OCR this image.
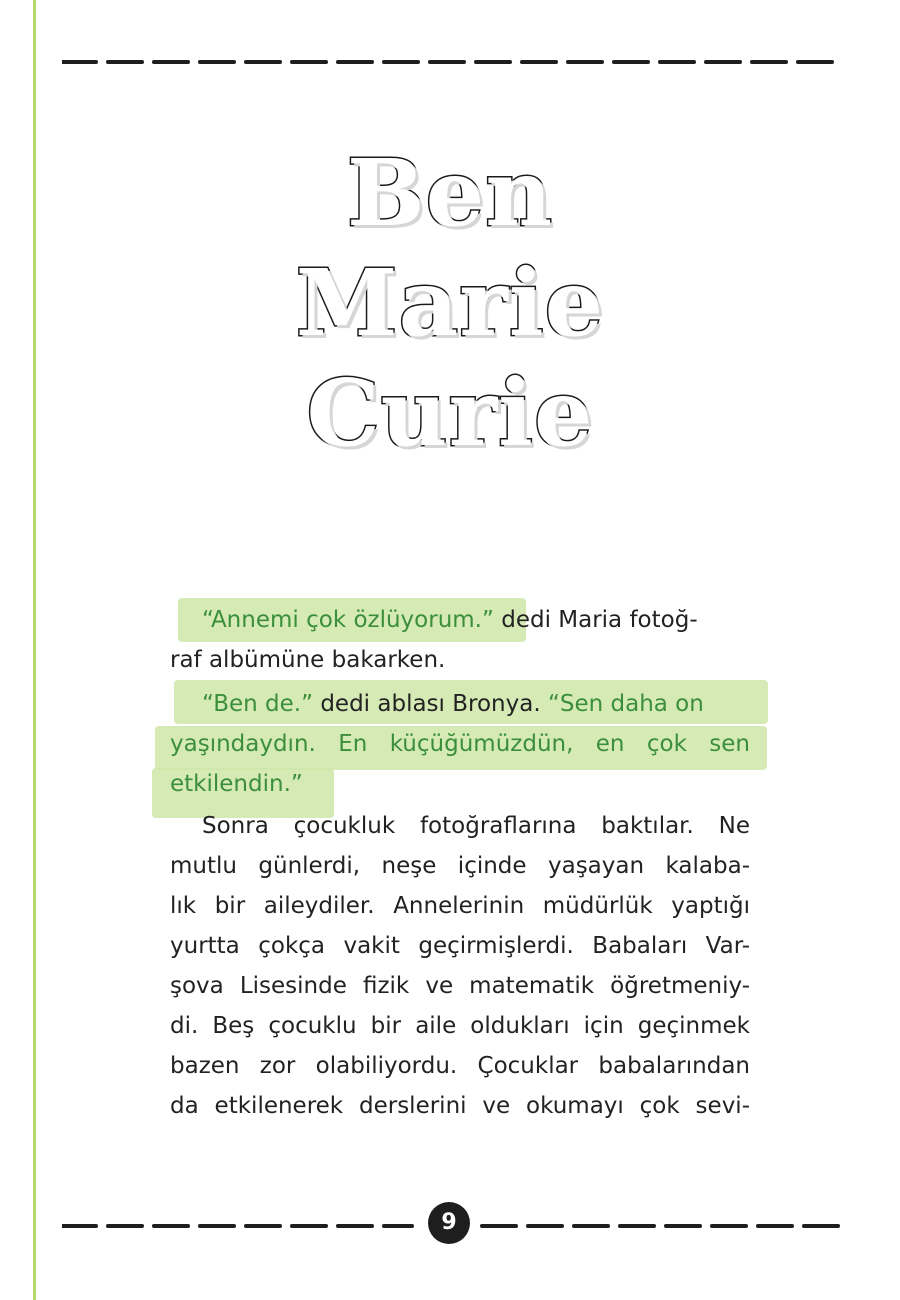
Ben
Marie
Curie
“Annemi çok özlüyorum.” dedi Maria fotoğ-
raf albümüne bakarken.
“Ben de.” dedi ablası Bronya. “Sen daha on
yaşındaydın. En küçüğümüzdün, en çok sen
etkilendin.”
Sonra çocukluk fotoğraflarına baktılar. Ne
mutlu günlerdi, neşe içinde yaşayan kalaba-
lık bir aileydiler. Annelerinin müdürlük yaptığı
yurtta çokça vakit geçirmişlerdi. Babaları Var-
şova Lisesinde fizik ve matematik öğretmeniy-
di. Beş çocuklu bir aile oldukları için geçinmek
bazen zor olabiliyordu. Çocuklar babalarından
da etkilenerek derslerini ve okumayı çok sevi-
9
